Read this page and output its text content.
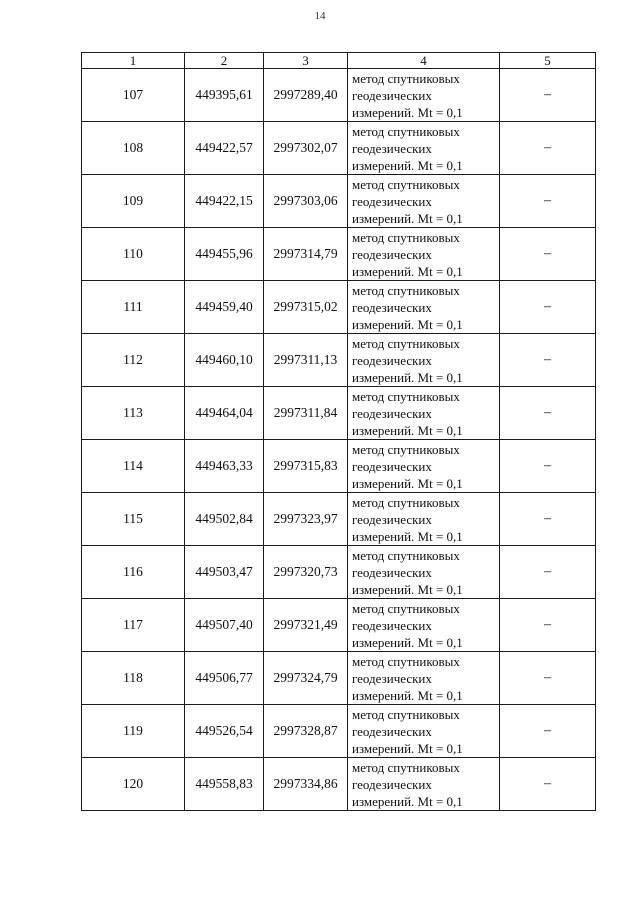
14
1	2	3	4	5
107	449395,61	2997289,40	метод спутниковых
геодезических
измерений. Mt = 0,1	–
108	449422,57	2997302,07	метод спутниковых
геодезических
измерений. Mt = 0,1	–
109	449422,15	2997303,06	метод спутниковых
геодезических
измерений. Mt = 0,1	–
110	449455,96	2997314,79	метод спутниковых
геодезических
измерений. Mt = 0,1	–
111	449459,40	2997315,02	метод спутниковых
геодезических
измерений. Mt = 0,1	–
112	449460,10	2997311,13	метод спутниковых
геодезических
измерений. Mt = 0,1	–
113	449464,04	2997311,84	метод спутниковых
геодезических
измерений. Mt = 0,1	–
114	449463,33	2997315,83	метод спутниковых
геодезических
измерений. Mt = 0,1	–
115	449502,84	2997323,97	метод спутниковых
геодезических
измерений. Mt = 0,1	–
116	449503,47	2997320,73	метод спутниковых
геодезических
измерений. Mt = 0,1	–
117	449507,40	2997321,49	метод спутниковых
геодезических
измерений. Mt = 0,1	–
118	449506,77	2997324,79	метод спутниковых
геодезических
измерений. Mt = 0,1	–
119	449526,54	2997328,87	метод спутниковых
геодезических
измерений. Mt = 0,1	–
120	449558,83	2997334,86	метод спутниковых
геодезических
измерений. Mt = 0,1	–
